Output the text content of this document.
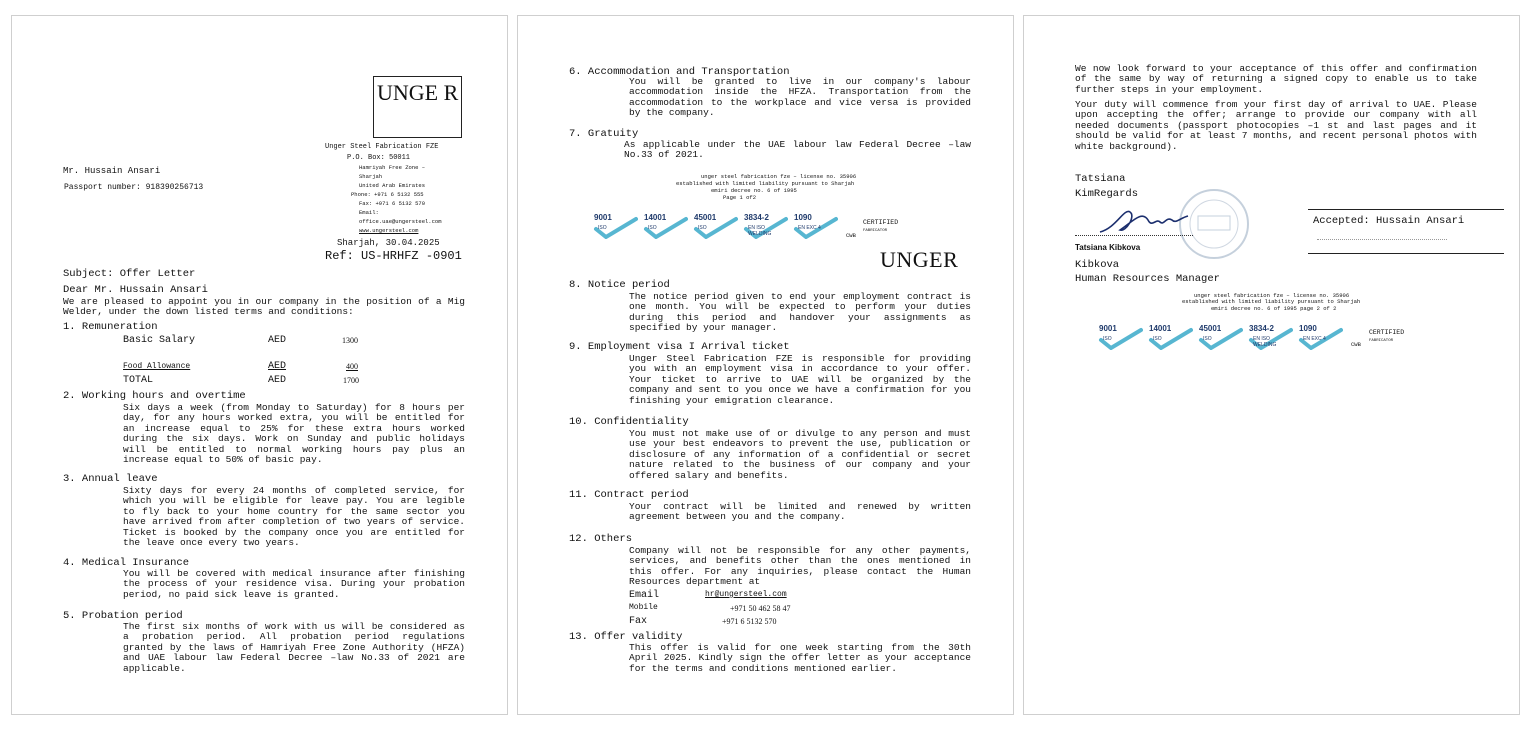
UNGE R
Unger Steel Fabrication FZE
P.O. Box: 50011
Hamriyah Free Zone –
Sharjah
United Arab Emirates
Phone: +971 6 5132 555
Fax: +971 6 5132 570
Email:
office.uae@ungersteel.com
www.ungersteel.com
Sharjah, 30.04.2025
Ref: US-HRHFZ -0901
Mr. Hussain Ansari
Passport number: 918390256713
Subject: Offer Letter
Dear Mr. Hussain Ansari
We are pleased to appoint you in our company in the position of a Mig Welder, under the down listed terms and conditions:
1. Remuneration
Basic Salary	AED	1300
Food Allowance	AED	400
TOTAL	AED	1700
2. Working hours and overtime
Six days a week (from Monday to Saturday) for 8 hours per day, for any hours worked extra, you will be entitled for an increase equal to 25% for these extra hours worked during the six days. Work on Sunday and public holidays will be entitled to normal working hours pay plus an increase equal to 50% of basic pay.
3. Annual leave
Sixty days for every 24 months of completed service, for which you will be eligible for leave pay. You are legible to fly back to your home country for the same sector you have arrived from after completion of two years of service. Ticket is booked by the company once you are entitled for the leave once every two years.
4. Medical Insurance
You will be covered with medical insurance after finishing the process of your residence visa. During your probation period, no paid sick leave is granted.
5. Probation period
The first six months of work with us will be considered as a probation period. All probation period regulations granted by the laws of Hamriyah Free Zone Authority (HFZA) and UAE labour law Federal Decree –law No.33 of 2021 are applicable.
6. Accommodation and Transportation
You will be granted to live in our company's labour accommodation inside the HFZA. Transportation from the accommodation to the workplace and vice versa is provided by the company.
7. Gratuity
As applicable under the UAE labour law Federal Decree –law No.33 of 2021.
unger steel fabrication fze – license no. 35906
established with limited liability pursuant to Sharjah
emiri decree no. 6 of 1995
Page 1 of2
9001
ISO
14001
ISO
45001
ISO
3834-2
EN ISO WELDING
1090
EN EXC 4
CERTIFIED
FABRICATOR
CWB
UNGER
8. Notice period
The notice period given to end your employment contract is one month. You will be expected to perform your duties during this period and handover your assignments as specified by your manager.
9. Employment visa I Arrival ticket
Unger Steel Fabrication FZE is responsible for providing you with an employment visa in accordance to your offer. Your ticket to arrive to UAE will be organized by the company and sent to you once we have a confirmation for you finishing your emigration clearance.
10. Confidentiality
You must not make use of or divulge to any person and must use your best endeavors to prevent the use, publication or disclosure of any information of a confidential or secret nature related to the business of our company and your offered salary and benefits.
11. Contract period
Your contract will be limited and renewed by written agreement between you and the company.
12. Others
Company will not be responsible for any other payments, services, and benefits other than the ones mentioned in this offer. For any inquiries, please contact the Human Resources department at
Email	hr@ungersteel.com
Mobile	+971 50 462 58 47
Fax	+971 6 5132 570
13. Offer validity
This offer is valid for one week starting from the 30th April 2025. Kindly sign the offer letter as your acceptance for the terms and conditions mentioned earlier.
We now look forward to your acceptance of this offer and confirmation of the same by way of returning a signed copy to enable us to take further steps in your employment.
Your duty will commence from your first day of arrival to UAE. Please upon accepting the offer; arrange to provide our company with all needed documents (passport photocopies –1 st and last pages and it should be valid for at least 7 months, and recent personal photos with white background).
Tatsiana
KimRegards
Tatsiana Kibkova
Kibkova
Human Resources Manager
Accepted: Hussain Ansari
unger steel fabrication fze – license no. 35906
established with limited liability pursuant to Sharjah
emiri decree no. 6 of 1995 page 2 of 2
9001
ISO
14001
ISO
45001
ISO
3834-2
EN ISO WELDING
1090
EN EXC 4
CERTIFIED
FABRICATOR
CWB
